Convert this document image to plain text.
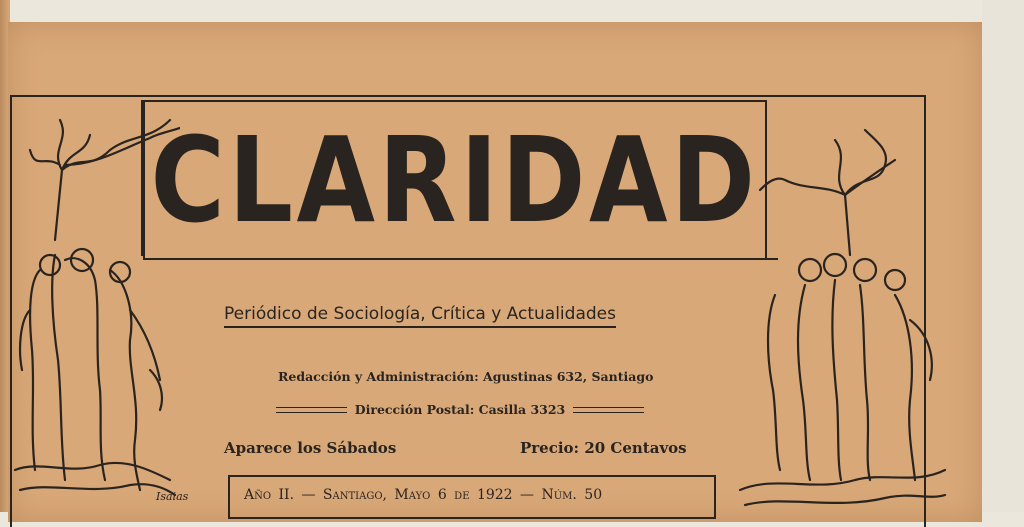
CLARIDAD
Periódico de Sociología, Crítica y Actualidades
Redacción y Administración: Agustinas 632, Santiago
Dirección Postal: Casilla 3323
Aparece los Sábados	Precio: 20 Centavos
Año II. — Santiago, Mayo 6 de 1922 — Núm. 50
Isaias
